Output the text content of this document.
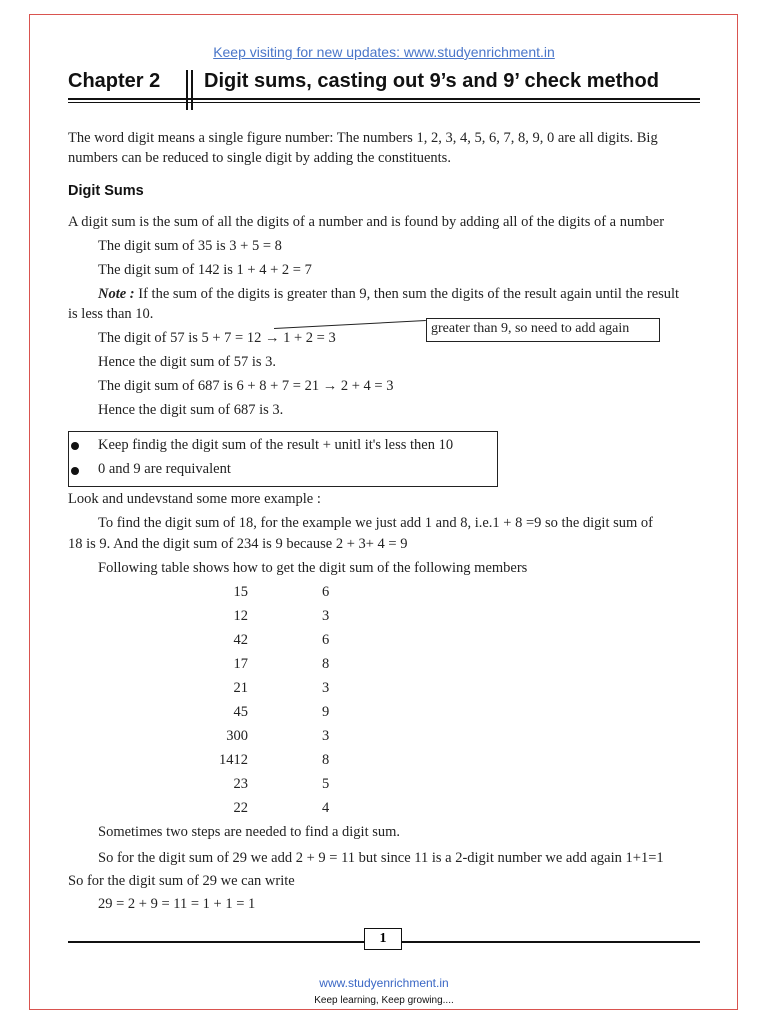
Keep visiting for new updates: www.studyenrichment.in
Chapter 2 Digit sums, casting out 9’s and 9’ check method
The word digit means a single figure number: The numbers 1, 2, 3, 4, 5, 6, 7, 8, 9, 0 are all digits. Big
numbers can be reduced to single digit by adding the constituents.
Digit Sums
A digit sum is the sum of all the digits of a number and is found by adding all of the digits of a number
The digit sum of 35 is 3 + 5 = 8
The digit sum of 142 is 1 + 4 + 2 = 7
Note : If the sum of the digits is greater than 9, then sum the digits of the result again until the result
is less than 10.
The digit of 57 is 5 + 7 = 12 → 1 + 2 = 3
greater than 9, so need to add again
Hence the digit sum of 57 is 3.
The digit sum of 687 is 6 + 8 + 7 = 21 → 2 + 4 = 3
Hence the digit sum of 687 is 3.
Keep findig the digit sum of the result + unitl it's less then 10
0 and 9 are requivalent
Look and undevstand some more example :
To find the digit sum of 18, for the example we just add 1 and 8, i.e.1 + 8 =9 so the digit sum of
18 is 9. And the digit sum of 234 is 9 because 2 + 3+ 4 = 9
Following table shows how to get the digit sum of the following members
15	6
12	3
42	6
17	8
21	3
45	9
300	3
1412	8
23	5
22	4
Sometimes two steps are needed to find a digit sum.
So for the digit sum of 29 we add 2 + 9 = 11 but since 11 is a 2-digit number we add again 1+1=1
So for the digit sum of 29 we can write
29 = 2 + 9 = 11 = 1 + 1 = 1
1
www.studyenrichment.in
Keep learning, Keep growing....
